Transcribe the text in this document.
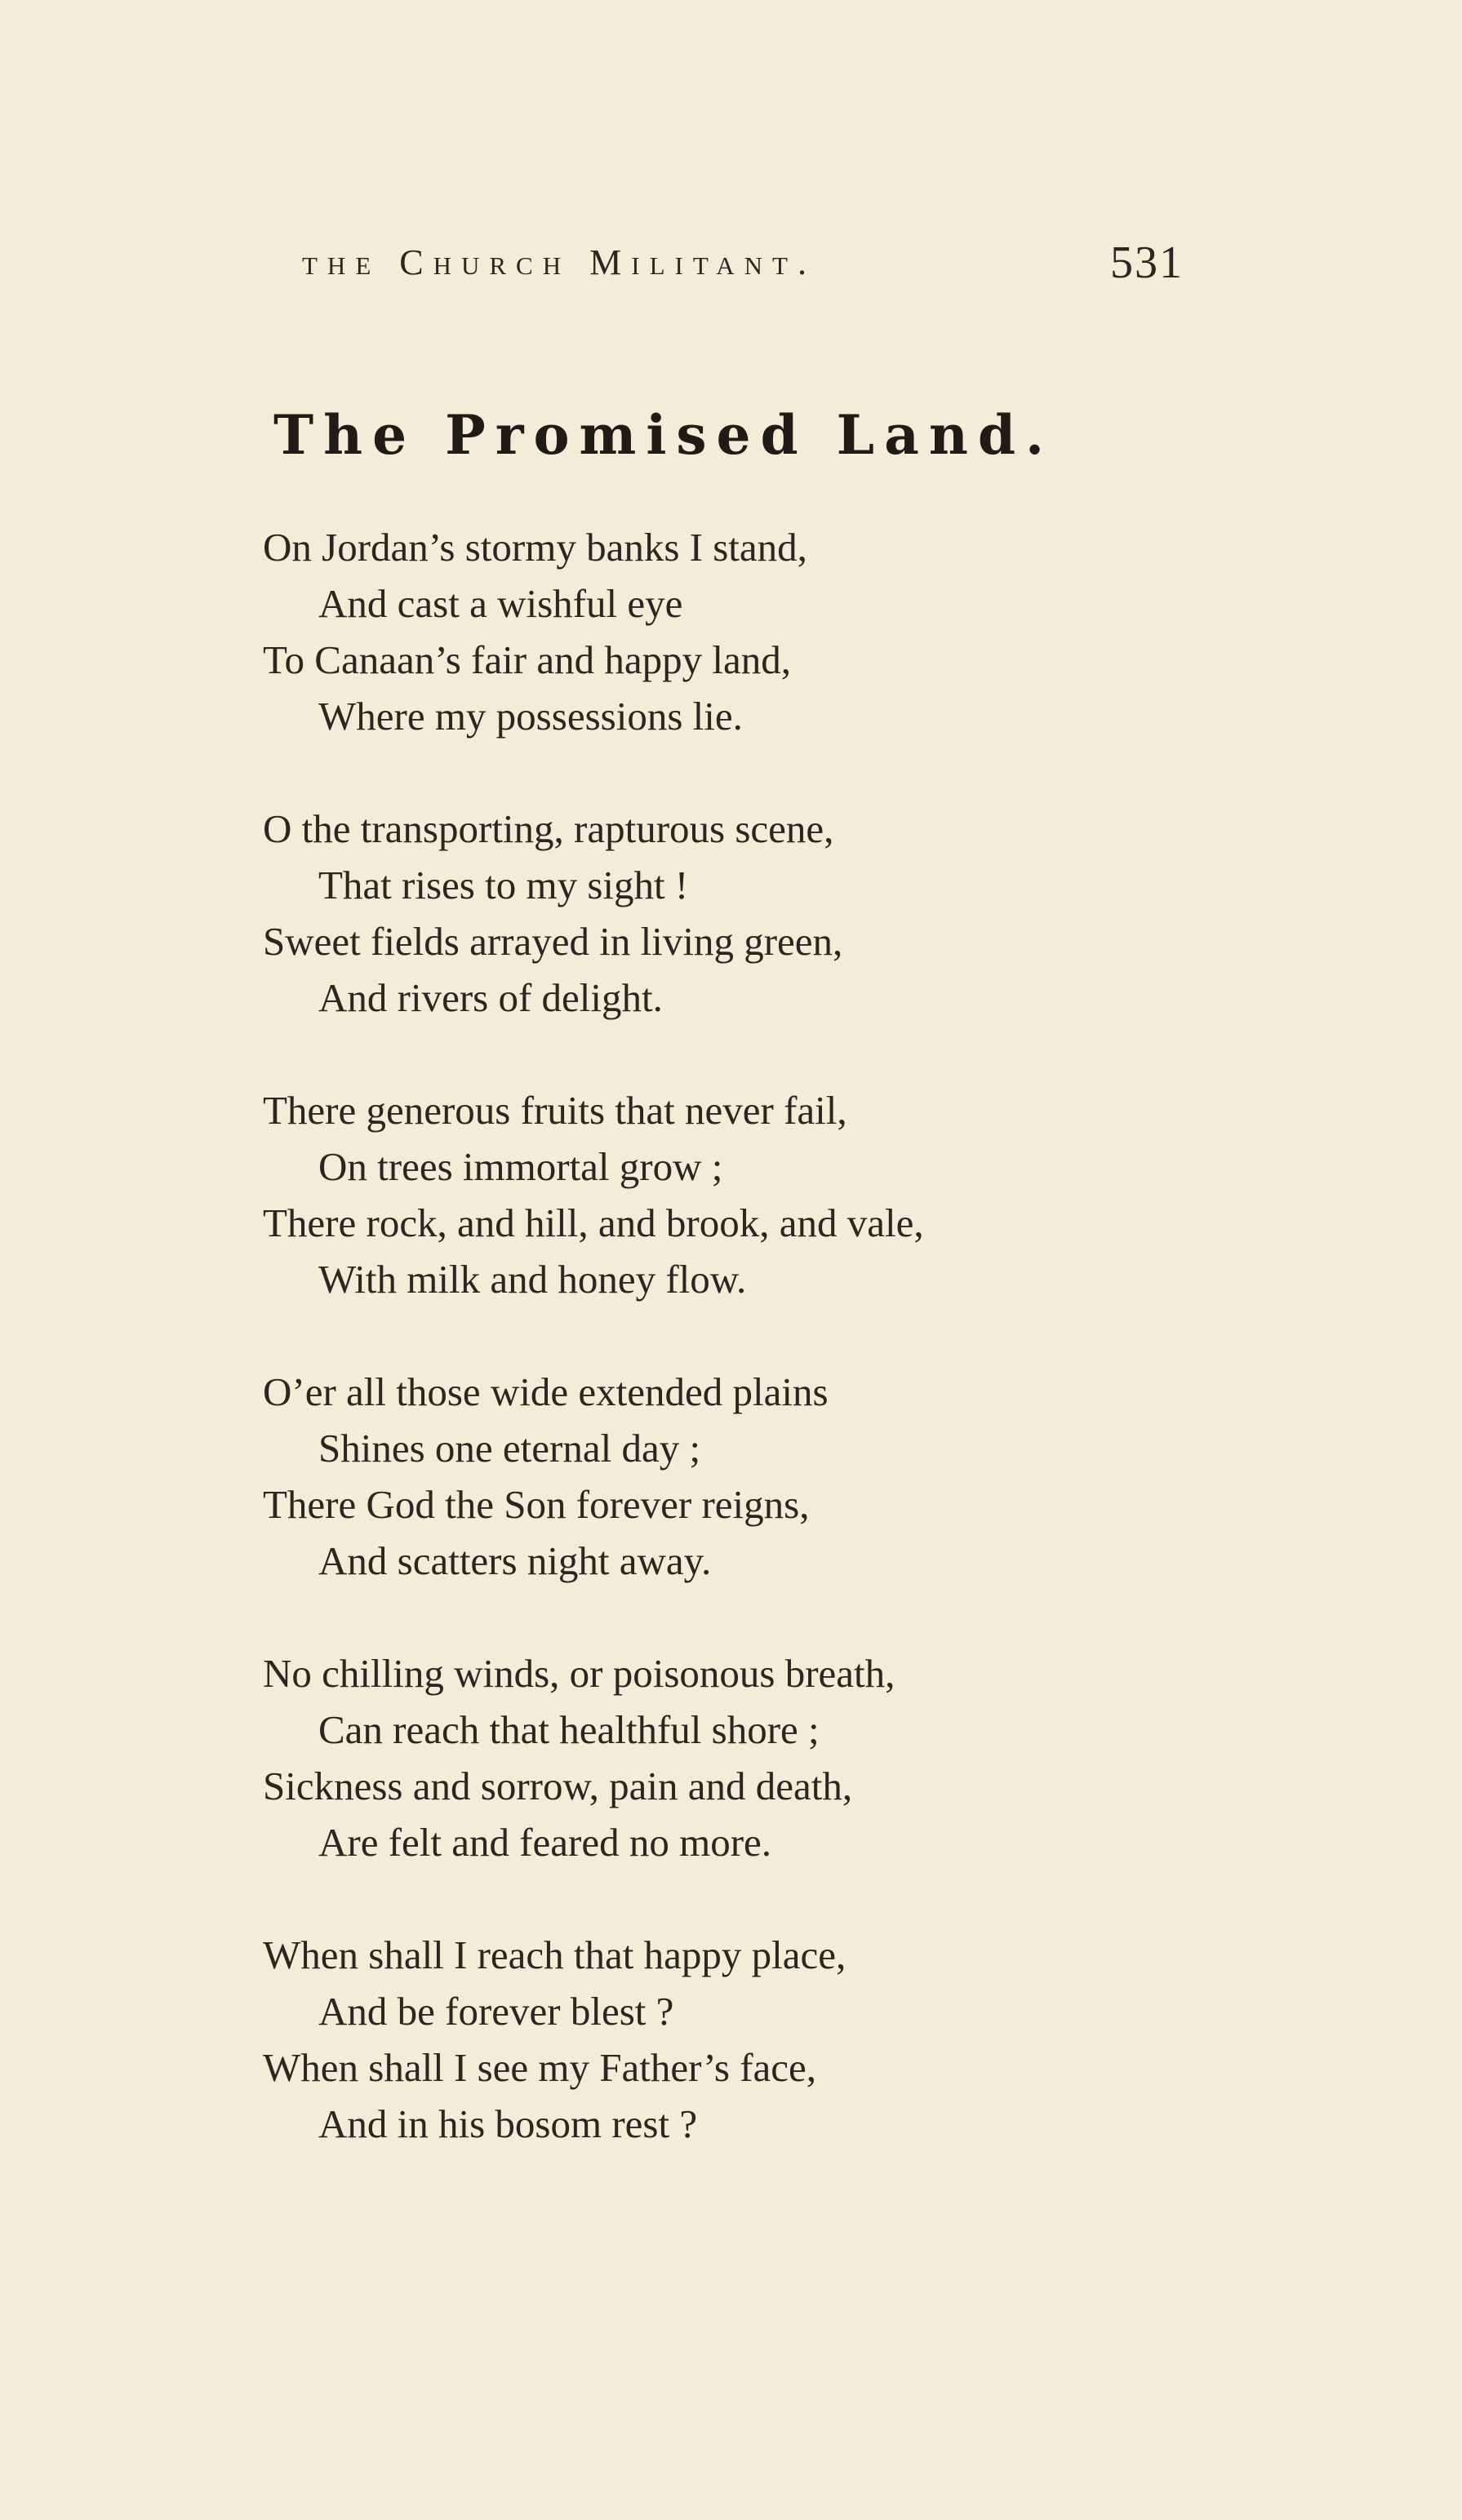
the Church Militant.	531
The Promised Land.
On Jordan’s stormy banks I stand,
And cast a wishful eye
To Canaan’s fair and happy land,
Where my possessions lie.
O the transporting, rapturous scene,
That rises to my sight !
Sweet fields arrayed in living green,
And rivers of delight.
There generous fruits that never fail,
On trees immortal grow ;
There rock, and hill, and brook, and vale,
With milk and honey flow.
O’er all those wide extended plains
Shines one eternal day ;
There God the Son forever reigns,
And scatters night away.
No chilling winds, or poisonous breath,
Can reach that healthful shore ;
Sickness and sorrow, pain and death,
Are felt and feared no more.
When shall I reach that happy place,
And be forever blest ?
When shall I see my Father’s face,
And in his bosom rest ?
